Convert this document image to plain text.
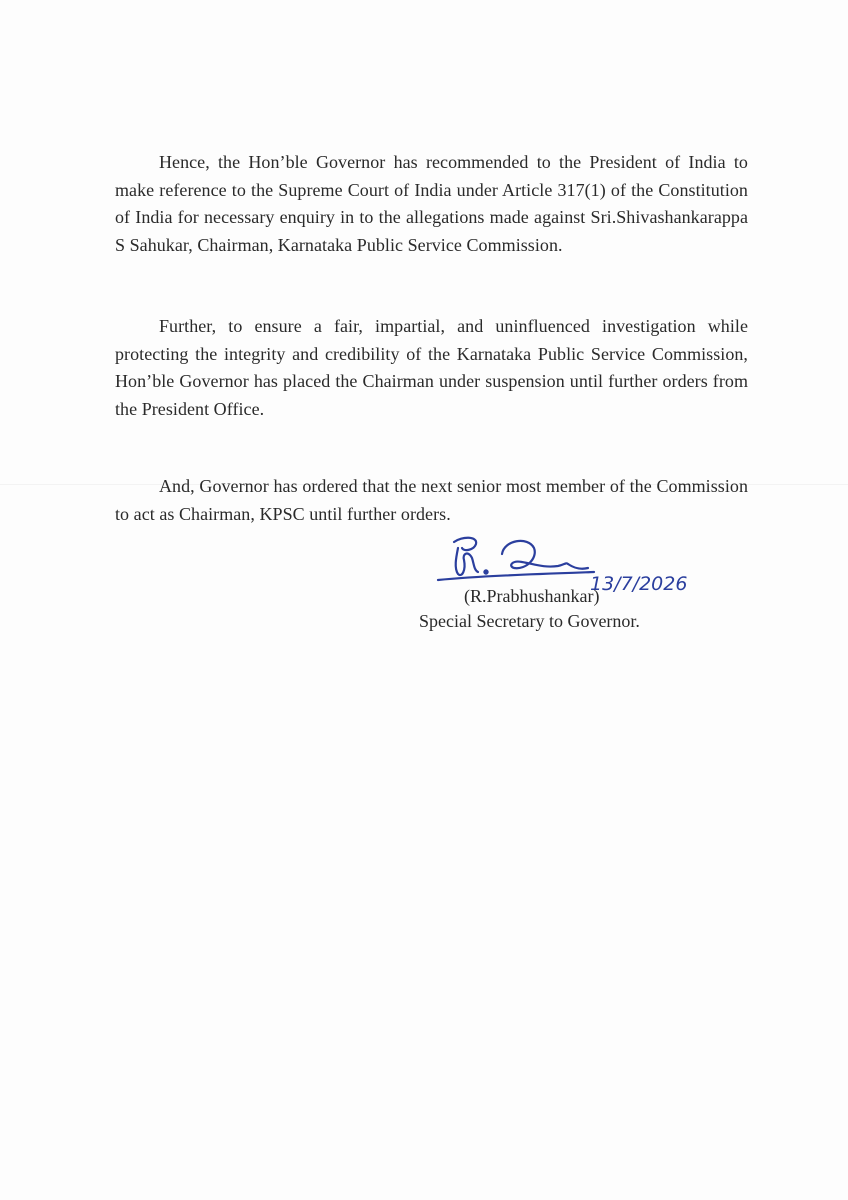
Hence, the Hon’ble Governor has recommended to the President of India to make reference to the Supreme Court of India under Article 317(1) of the Constitution of India for necessary enquiry in to the allegations made against Sri.Shivashankarappa S Sahukar, Chairman, Karnataka Public Service Commission.

Further, to ensure a fair, impartial, and uninfluenced investigation while protecting the integrity and credibility of the Karnataka Public Service Commission, Hon’ble Governor has placed the Chairman under suspension until further orders from the President Office.

And, Governor has ordered that the next senior most member of the Commission to act as Chairman, KPSC until further orders.

13/7/2026
(R.Prabhushankar)
Special Secretary to Governor.
